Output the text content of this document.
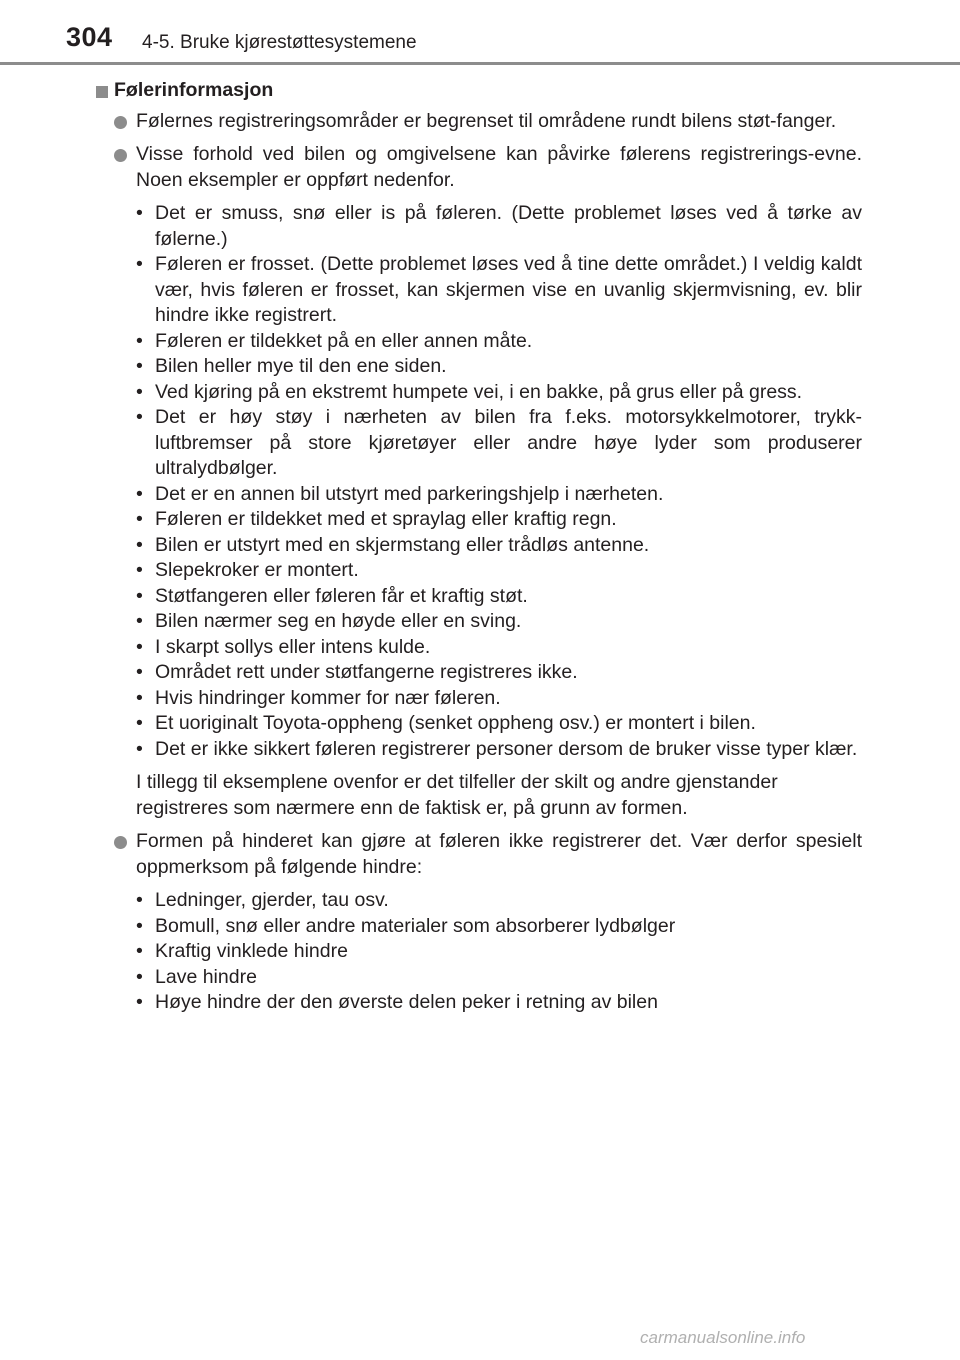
304 4-5. Bruke kjørestøttesystemene
Følerinformasjon
Følernes registreringsområder er begrenset til områdene rundt bilens støt-fanger.
Visse forhold ved bilen og omgivelsene kan påvirke følerens registrerings-evne. Noen eksempler er oppført nedenfor.
• Det er smuss, snø eller is på føleren. (Dette problemet løses ved å tørke av følerne.)
• Føleren er frosset. (Dette problemet løses ved å tine dette området.) I veldig kaldt vær, hvis føleren er frosset, kan skjermen vise en uvanlig skjermvisning, ev. blir hindre ikke registrert.
• Føleren er tildekket på en eller annen måte.
• Bilen heller mye til den ene siden.
• Ved kjøring på en ekstremt humpete vei, i en bakke, på grus eller på gress.
• Det er høy støy i nærheten av bilen fra f.eks. motorsykkelmotorer, trykk-luftbremser på store kjøretøyer eller andre høye lyder som produserer ultralydbølger.
• Det er en annen bil utstyrt med parkeringshjelp i nærheten.
• Føleren er tildekket med et spraylag eller kraftig regn.
• Bilen er utstyrt med en skjermstang eller trådløs antenne.
• Slepekroker er montert.
• Støtfangeren eller føleren får et kraftig støt.
• Bilen nærmer seg en høyde eller en sving.
• I skarpt sollys eller intens kulde.
• Området rett under støtfangerne registreres ikke.
• Hvis hindringer kommer for nær føleren.
• Et uoriginalt Toyota-oppheng (senket oppheng osv.) er montert i bilen.
• Det er ikke sikkert føleren registrerer personer dersom de bruker visse typer klær.
I tillegg til eksemplene ovenfor er det tilfeller der skilt og andre gjenstander registreres som nærmere enn de faktisk er, på grunn av formen.
Formen på hinderet kan gjøre at føleren ikke registrerer det. Vær derfor spesielt oppmerksom på følgende hindre:
• Ledninger, gjerder, tau osv.
• Bomull, snø eller andre materialer som absorberer lydbølger
• Kraftig vinklede hindre
• Lave hindre
• Høye hindre der den øverste delen peker i retning av bilen
carmanualsonline.info
